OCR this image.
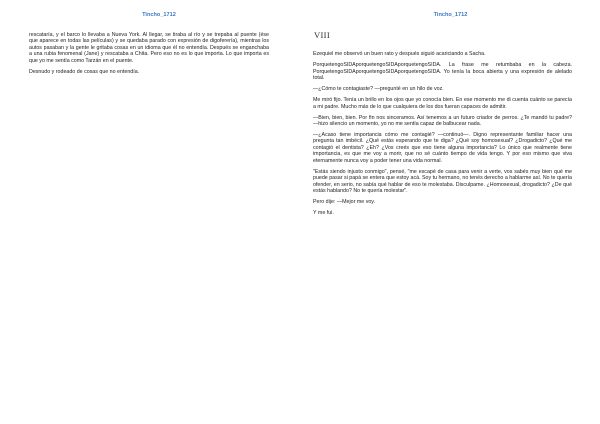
Tincho_1712

rescataría, y el barco lo llevaba a Nueva York. Al llegar, se tiraba al río y se trepaba al puente (ése que aparece en todas las películas) y se quedaba parado con expresión de digoferería), mientras los autos pasaban y la gente le gritaba cosas en un idioma que él no entendía. Después se enganchaba a una rubia fenomenal (Jane) y rescataba a Chita. Pero eso no es lo que importa. Lo que importa es que yo me sentía como Tarzán en el puente.

Desnudo y rodeado de cosas que no entendía.

Tincho_1712
VIII

Ezequiel me observó un buen rato y después siguió acariciando a Sacha.

PorquetengoSIDAporquetengoSIDAporquetengoSIDA. La frase me retumbaba en la cabeza. PorquetengoSIDAporquetengoSIDAporquetengoSIDA. Yo tenía la boca abierta y una expresión de alelado total.

—¿Cómo te contagiaste? —pregunté en un hilo de voz.

Me miró fijo. Tenía un brillo en los ojos que yo conocía bien. En ese momento me di cuenta cuánto se parecía a mi padre. Mucho más de lo que cualquiera de los dos fueran capaces de admitir.

—Bien, bien, bien. Por fin nos sinceramos. Así tenemos a un futuro criador de perros. ¿Te mandó tu padre? —hizo silencio un momento, yo no me sentía capaz de balbucear nada.

—¿Acaso tiene importancia cómo me contagié? —continuó—. Digno representante familiar hacer una pregunta tan imbécil. ¿Qué estás esperando que te diga? ¿Qué soy homosexual? ¿Drogadicto? ¿Qué me contagió el dentista? ¿Eh? ¿Vos creés que eso tiene alguna importancia? Lo único que realmente tiene importancia, es que me voy a morir, que no sé cuánto tiempo de vida tengo. Y por eso mismo que viva eternamente nunca voy a poder tener una vida normal.

"Estás siendo injusto conmigo", pensé, "me escapé de casa para venir a verte, vos sabés muy bien qué me puede pasar si papá se entera que estoy acá. Soy tu hermano, no tenés derecho a hablarme así. No te quería ofender, en serio, no sabía qué hablar de eso te molestaba. Disculpame. ¿Homosexual, drogadicto? ¿De qué estás hablando? No te quería molestar".

Pero dije: —Mejor me voy.

Y me fui.
